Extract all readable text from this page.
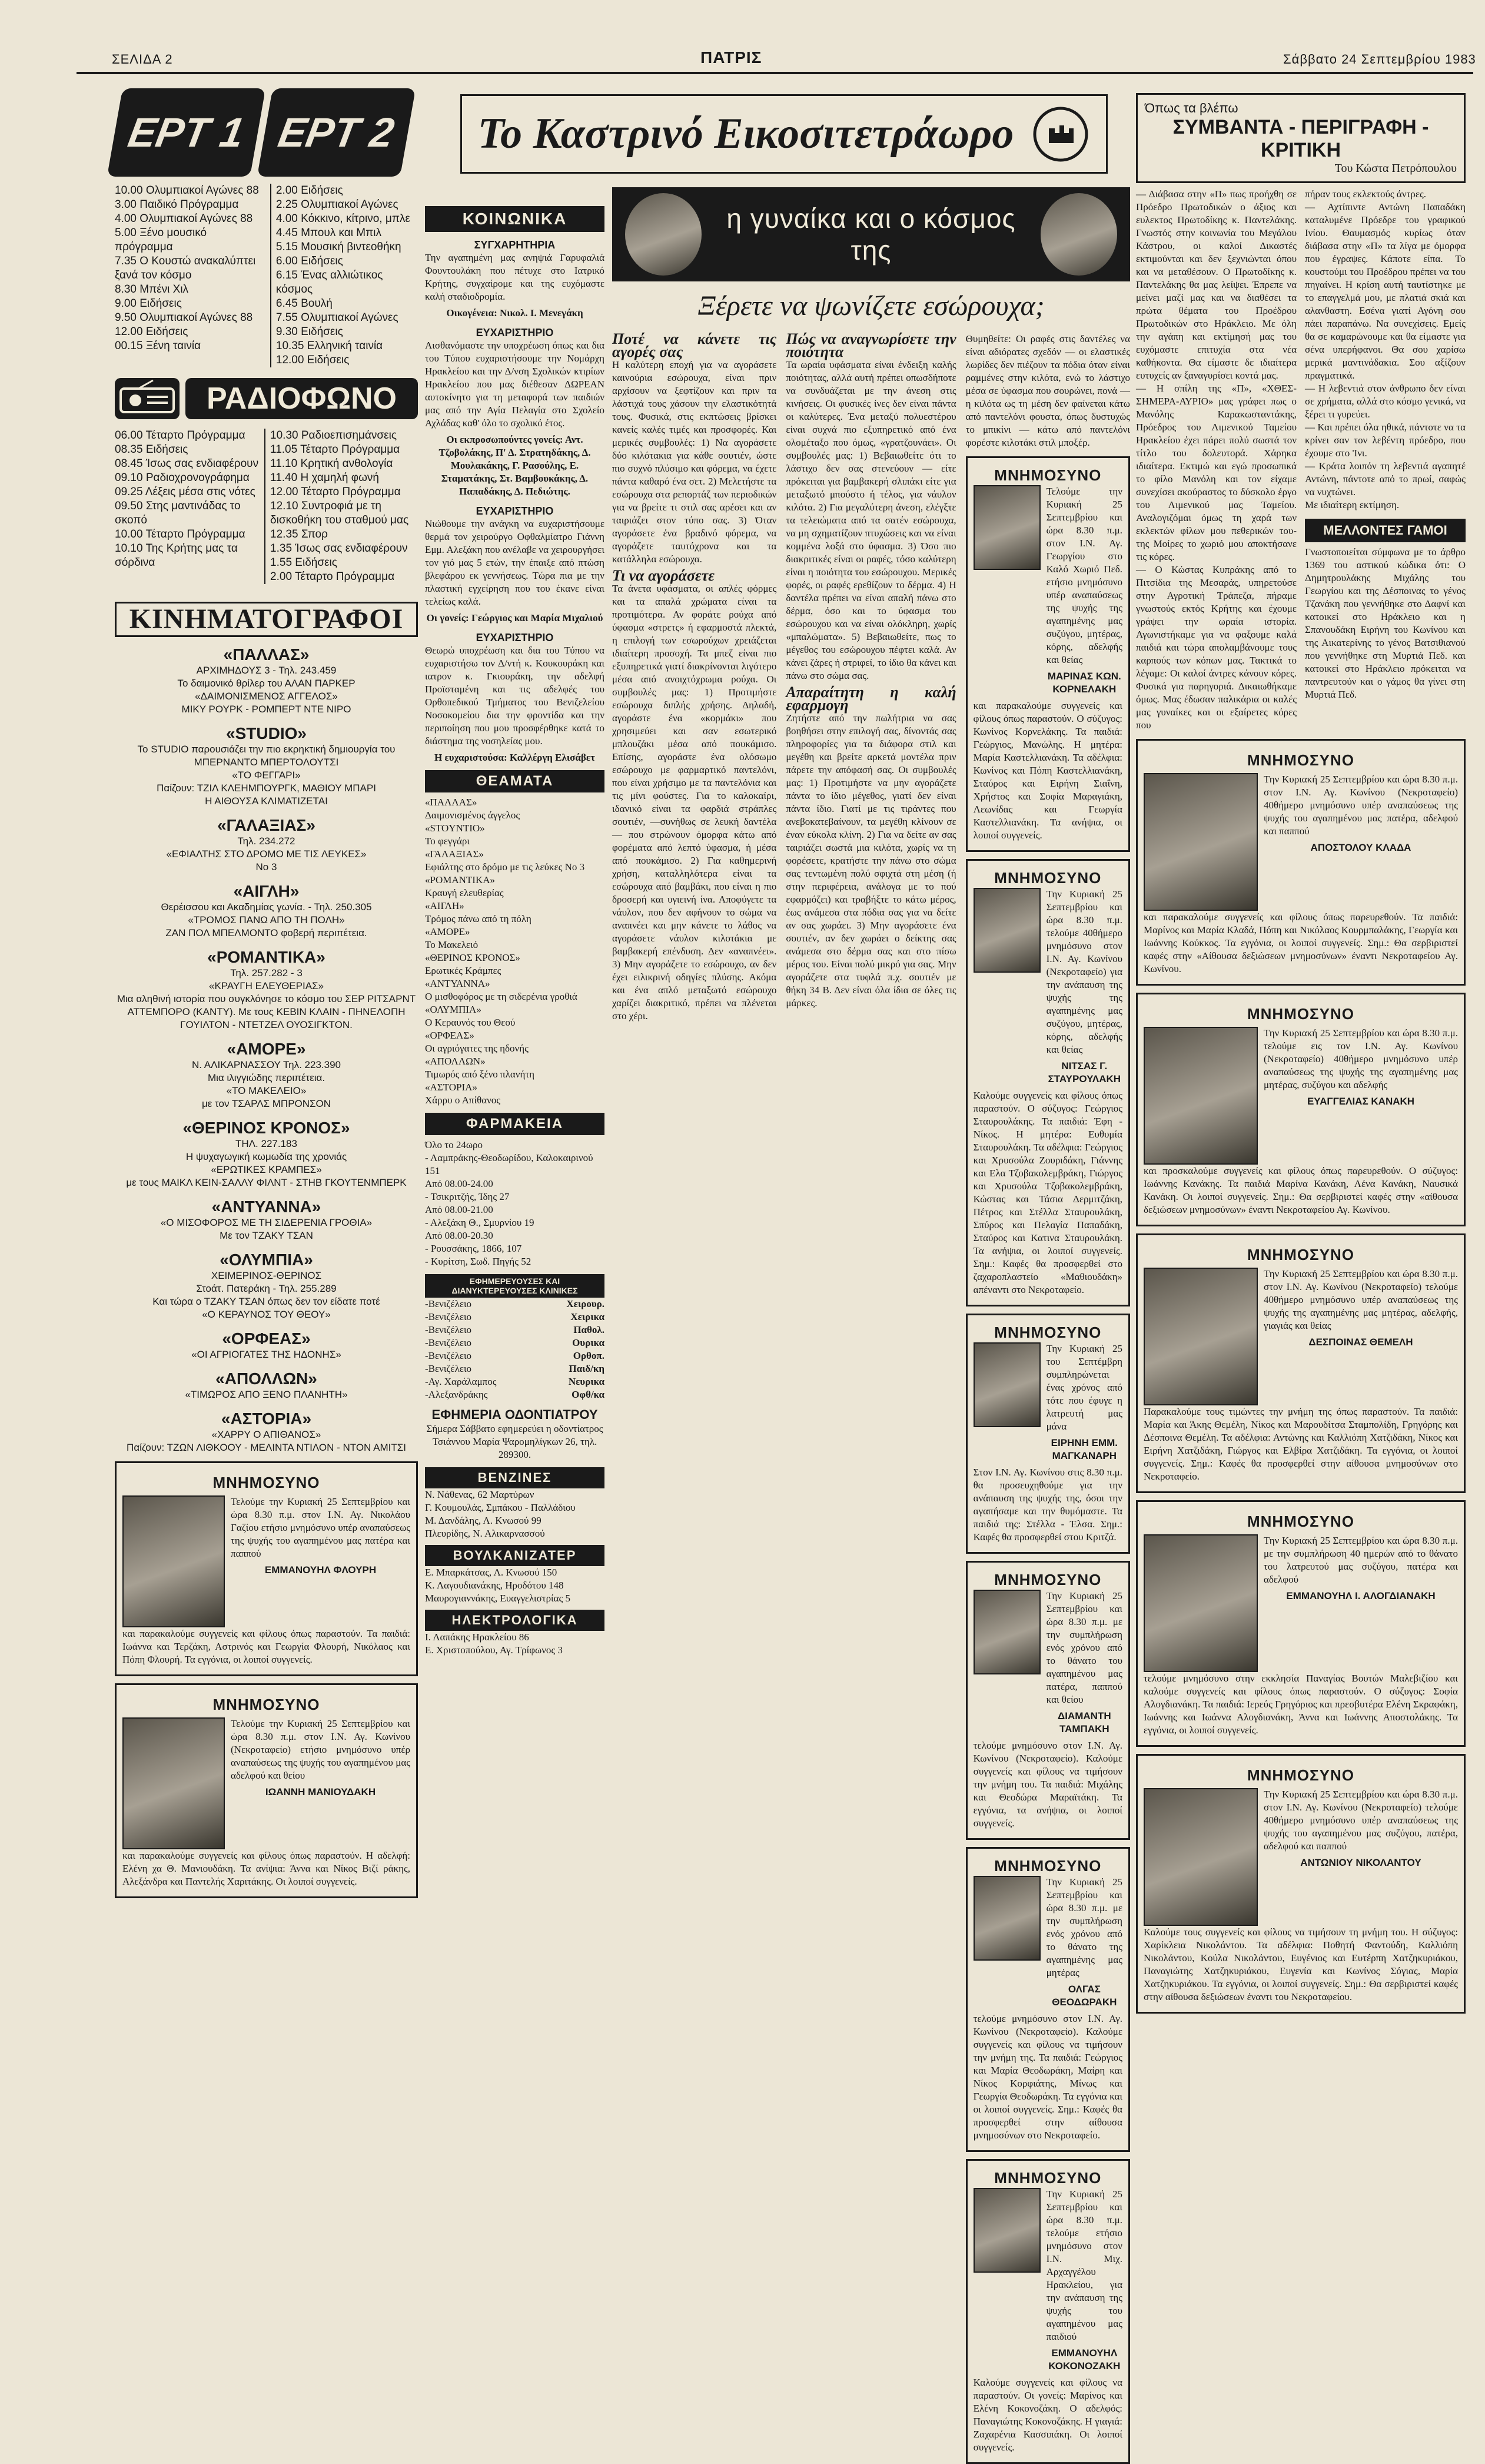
ΣΕΛΙΔΑ 2	ΠΑΤΡΙΣ	Σάββατο 24 Σεπτεμβρίου 1983
ΕΡΤ 1 ΕΡΤ 2
10.00 Ολυμπιακοί Αγώνες 88
3.00 Παιδικό Πρόγραμμα
4.00 Ολυμπιακοί Αγώνες 88
5.00 Ξένο μουσικό πρόγραμμα
7.35 Ο Κουστώ ανακαλύπτει ξανά τον κόσμο
8.30 Μπένι Χιλ
9.00 Ειδήσεις
9.50 Ολυμπιακοί Αγώνες 88
12.00 Ειδήσεις
00.15 Ξένη ταινία
2.00 Ειδήσεις
2.25 Ολυμπιακοί Αγώνες
4.00 Κόκκινο, κίτρινο, μπλε
4.45 Μπουλ και Μπιλ
5.15 Μουσική βιντεοθήκη
6.00 Ειδήσεις
6.15 Ένας αλλιώτικος κόσμος
6.45 Βουλή
7.55 Ολυμπιακοί Αγώνες
9.30 Ειδήσεις
10.35 Ελληνική ταινία
12.00 Ειδήσεις
ΡΑΔΙΟΦΩΝΟ
06.00 Τέταρτο Πρόγραμμα
08.35 Ειδήσεις
08.45 Ίσως σας ενδιαφέρουν
09.10 Ραδιοχρονογράφημα
09.25 Λέξεις μέσα στις νότες
09.50 Στης μαντινάδας το σκοπό
10.00 Τέταρτο Πρόγραμμα
10.10 Της Κρήτης μας τα σόρδινα
10.30 Ραδιοεπισημάνσεις
11.05 Τέταρτο Πρόγραμμα
11.10 Κρητική ανθολογία
11.40 Η χαμηλή φωνή
12.00 Τέταρτο Πρόγραμμα
12.10 Συντροφιά με τη δισκοθήκη του σταθμού μας
12.35 Σπορ
1.35 Ίσως σας ενδιαφέρουν
1.55 Ειδήσεις
2.00 Τέταρτο Πρόγραμμα
ΚΙΝΗΜΑΤΟΓΡΑΦΟΙ
«ΠΑΛΛΑΣ»
ΑΡΧΙΜΗΔΟΥΣ 3 - Τηλ. 243.459
Το δαιμονικό θρίλερ του ΑΛΑΝ ΠΑΡΚΕΡ
«ΔΑΙΜΟΝΙΣΜΕΝΟΣ ΑΓΓΕΛΟΣ»
ΜΙΚΥ ΡΟΥΡΚ - ΡΟΜΠΕΡΤ ΝΤΕ ΝΙΡΟ
«STUDIO»
Το STUDIO παρουσιάζει την πιο εκρηκτική δημιουργία του ΜΠΕΡΝΑΝΤΟ ΜΠΕΡΤΟΛΟΥΤΣΙ
«ΤΟ ΦΕΓΓΑΡΙ»
Παίζουν: ΤΖΙΛ ΚΛΕΗΜΠΟΥΡΓΚ, ΜΑΘΙΟΥ ΜΠΑΡΙ
Η ΑΙΘΟΥΣΑ ΚΛΙΜΑΤΙΖΕΤΑΙ
«ΓΑΛΑΞΙΑΣ»
Τηλ. 234.272
«ΕΦΙΑΛΤΗΣ ΣΤΟ ΔΡΟΜΟ ΜΕ ΤΙΣ ΛΕΥΚΕΣ»
Νο 3
«ΑΙΓΛΗ»
Θερέισσου και Ακαδημίας γωνία. - Τηλ. 250.305
«ΤΡΟΜΟΣ ΠΑΝΩ ΑΠΟ ΤΗ ΠΟΛΗ»
ΖΑΝ ΠΟΛ ΜΠΕΛΜΟΝΤΟ φοβερή περιπέτεια.
«ΡΟΜΑΝΤΙΚΑ»
Τηλ. 257.282 - 3
«ΚΡΑΥΓΗ ΕΛΕΥΘΕΡΙΑΣ»
Μια αληθινή ιστορία που συγκλόνησε το κόσμο του ΣΕΡ ΡΙΤΣΑΡΝΤ ΑΤΤΕΜΠΟΡΟ (ΚΑΝΤΥ). Με τους ΚΕΒΙΝ ΚΛΑΙΝ - ΠΗΝΕΛΟΠΗ ΓΟΥΙΛΤΟΝ - ΝΤΕΤΖΕΛ ΟΥΟΣΙΓΚΤΟΝ.
«ΑΜΟΡΕ»
Ν. ΑΛΙΚΑΡΝΑΣΣΟΥ Τηλ. 223.390
Μια ιλιγγιώδης περιπέτεια.
«ΤΟ ΜΑΚΕΛΕΙΟ»
με τον ΤΣΑΡΛΣ ΜΠΡΟΝΣΟΝ
«ΘΕΡΙΝΟΣ ΚΡΟΝΟΣ»
ΤΗΛ. 227.183
Η ψυχαγωγική κωμωδία της χρονιάς
«ΕΡΩΤΙΚΕΣ ΚΡΑΜΠΕΣ»
με τους ΜΑΙΚΛ ΚΕΙΝ-ΣΑΛΛΥ ΦΙΛΝΤ - ΣΤΗΒ ΓΚΟΥΤΕΝΜΠΕΡΚ
«ΑΝΤΥΑΝΝΑ»
«Ο ΜΙΣΟΦΟΡΟΣ ΜΕ ΤΗ ΣΙΔΕΡΕΝΙΑ ΓΡΟΘΙΑ»
Με τον ΤΖΑΚΥ ΤΣΑΝ
«ΟΛΥΜΠΙΑ»
ΧΕΙΜΕΡΙΝΟΣ-ΘΕΡΙΝΟΣ
Στοάτ. Πατεράκη - Τηλ. 255.289
Και τώρα ο ΤΖΑΚΥ ΤΣΑΝ όπως δεν τον είδατε ποτέ
«Ο ΚΕΡΑΥΝΟΣ ΤΟΥ ΘΕΟΥ»
«ΟΡΦΕΑΣ»
«ΟΙ ΑΓΡΙΟΓΑΤΕΣ ΤΗΣ ΗΔΟΝΗΣ»
«ΑΠΟΛΛΩΝ»
«ΤΙΜΩΡΟΣ ΑΠΟ ΞΕΝΟ ΠΛΑΝΗΤΗ»
«ΑΣΤΟΡΙΑ»
«ΧΑΡΡΥ Ο ΑΠΙΘΑΝΟΣ»
Παίζουν: ΤΖΩΝ ΛΙΘΚΟΟΥ - ΜΕΛΙΝΤΑ ΝΤΙΛΟΝ - ΝΤΟΝ ΑΜΙΤΣΙ
ΜΝΗΜΟΣΥΝΟ

Τελούμε την Κυριακή 25 Σεπτεμβρίου και ώρα 8.30 π.μ. στον Ι.Ν. Αγ. Νικολάου Γαζίου ετήσιο μνημόσυνο υπέρ αναπαύσεως της ψυχής του αγαπημένου μας πατέρα και παππού

ΕΜΜΑΝΟΥΗΛ ΦΛΟΥΡΗ

και παρακαλούμε συγγενείς και φίλους όπως παραστούν. Τα παιδιά: Ιωάννα και Τερζάκη, Αστρινός και Γεωργία Φλουρή, Νικόλαος και Πόπη Φλουρή. Τα εγγόνια, οι λοιποί συγγενείς.

ΜΝΗΜΟΣΥΝΟ

Τελούμε την Κυριακή 25 Σεπτεμβρίου και ώρα 8.30 π.μ. στον Ι.Ν. Αγ. Κωνίνου (Νεκροταφείο) ετήσιο μνημόσυνο υπέρ αναπαύσεως της ψυχής του αγαπημένου μας αδελφού και θείου

ΙΩΑΝΝΗ ΜΑΝΙΟΥΔΑΚΗ

και παρακαλούμε συγγενείς και φίλους όπως παραστούν. Η αδελφή: Ελένη χα Θ. Μανιουδάκη. Τα ανίψια: Άννα και Νίκος Βιζί ράκης, Αλεξάνδρα και Παντελής Χαριτάκης. Οι λοιποί συγγενείς.

ΚΟΙΝΩΝΙΚΑ
ΣΥΓΧΑΡΗΤΗΡΙΑ

Την αγαπημένη μας ανηψιά Γαρυφαλιά Φουντουλάκη που πέτυχε στο Ιατρικό Κρήτης, συγχαίρομε και της ευχόμαστε καλή σταδιοδρομία.

Οικογένεια: Νικολ. Ι. Μενεγάκη

ΕΥΧΑΡΙΣΤΗΡΙΟ

Αισθανόμαστε την υποχρέωση όπως και δια του Τύπου ευχαριστήσουμε την Νομάρχη Ηρακλείου και την Δ/νση Σχολικών κτιρίων Ηρακλείου που μας διέθεσαν ΔΩΡΕΑΝ αυτοκίνητο για τη μεταφορά των παιδιών μας από την Αγία Πελαγία στο Σχολείο Αχλάδας καθ' όλο το σχολικό έτος.

Οι εκπροσωπούντες γονείς: Αντ. Τζοβολάκης, Π' Δ. Στρατηδάκης, Δ. Μουλακάκης, Γ. Ρασούλης, Ε. Σταματάκης, Στ. Βαμβουκάκης, Δ. Παπαδάκης, Δ. Πεδιώτης.

ΕΥΧΑΡΙΣΤΗΡΙΟ

Νιώθουμε την ανάγκη να ευχαριστήσουμε θερμά τον χειρούργο Οφθαλμίατρο Γιάννη Εμμ. Αλεξάκη που ανέλαβε να χειρουργήσει τον γιό μας 5 ετών, την έπαιξε από πτώση βλεφάρου εκ γεννήσεως. Τώρα πια με την πλαστική εγχείρηση που του έκανε είναι τελείως καλά.

Οι γονείς: Γεώργιος και Μαρία Μιχαλιού

ΕΥΧΑΡΙΣΤΗΡΙΟ

Θεωρώ υποχρέωση και δια του Τύπου να ευχαριστήσω τον Δ/ντή κ. Κουκουράκη και ιατρον κ. Γκιουράκη, την αδελφή Προϊσταμένη και τις αδελφές του Ορθοπεδικού Τμήματος του Βενιζελείου Νοσοκομείου δια την φροντίδα και την περιποίηση που μου προσφέρθηκε κατά το διάστημα της νοσηλείας μου.

Η ευχαριστούσα: Καλλέργη Ελισάβετ

ΘΕΑΜΑΤΑ
«ΠΑΛΛΑΣ»
Δαιμονισμένος άγγελος
«STOYNTIO»
Το φεγγάρι
«ΓΑΛΑΞΙΑΣ»
Εφιάλτης στο δρόμο με τις λεύκες Νο 3
«ΡΟΜΑΝΤΙΚΑ»
Κραυγή ελευθερίας
«ΑΙΓΛΗ»
Τρόμος πάνω από τη πόλη
«ΑΜΟΡΕ»
Το Μακελειό
«ΘΕΡΙΝΟΣ ΚΡΟΝΟΣ»
Ερωτικές Κράμπες
«ΑΝΤΥΑΝΝΑ»
Ο μισθοφόρος με τη σιδερένια γροθιά
«ΟΛΥΜΠΙΑ»
Ο Κεραυνός του Θεού
«ΟΡΦΕΑΣ»
Οι αγριόγατες της ηδονής
«ΑΠΟΛΛΩΝ»
Τιμωρός από ξένο πλανήτη
«ΑΣΤΟΡΙΑ»
Χάρρυ ο Απίθανος
ΦΑΡΜΑΚΕΙΑ
Όλο το 24ωρο
- Λαμπράκης-Θεοδωρίδου, Καλοκαιρινού 151
Από 08.00-24.00
- Τσικριτζής, Ίδης 27
Από 08.00-21.00
- Αλεξάκη Θ., Σμυρνίου 19
Από 08.00-20.30
- Ρουσσάκης, 1866, 107
- Κυρίτση, Σωδ. Πηγής 52
ΕΦΗΜΕΡΕΥΟΥΣΕΣ ΚΑΙ ΔΙΑΝΥΚΤΕΡΕΥΟΥΣΕΣ ΚΛΙΝΙΚΕΣ
-Βενιζέλειο	Χειρουρ.
-Βενιζέλειο	Χειρικα
-Βενιζέλειο	Παθολ.
-Βενιζέλειο	Ουρικα
-Βενιζέλειο	Ορθοπ.
-Βενιζέλειο	Παιδ/κη
-Αγ. Χαράλαμπος	Νευρικα
-Αλεξανδράκης	Οφθ/κα
ΕΦΗΜΕΡΙΑ ΟΔΟΝΤΙΑΤΡΟΥ
Σήμερα Σάββατο εφημερεύει η οδοντίατρος Τσιάννου Μαρία Ψαρομηλίγκων 26, τηλ. 289300.
ΒΕΝΖΙΝΕΣ
Ν. Νάθενας, 62 Μαρτύρων
Γ. Κουμουλάς, Σμπάκου - Παλλάδιου
Μ. Δανδάλης, Λ. Κνωσού 99
Πλευρίδης, Ν. Αλικαρνασσού
ΒΟΥΛΚΑΝΙΖΑΤΕΡ
Ε. Μπαρκάτσας, Λ. Κνωσού 150
Κ. Λαγουδιανάκης, Ηροδότου 148
Μαυρογιαννάκης, Ευαγγελιστρίας 5
ΗΛΕΚΤΡΟΛΟΓΙΚΑ
Ι. Λαπάκης Ηρακλείου 86
Ε. Χριστοπούλου, Αγ. Τρίφωνος 3
Το Καστρινό Εικοσιτετράωρο
η γυναίκα και ο κόσμος της
Ξέρετε να ψωνίζετε εσώρουχα;
Ποτέ να κάνετε τις αγορές σας

Η καλύτερη εποχή για να αγοράσετε καινούρια εσώρουχα, είναι πριν αρχίσουν να ξεφτίζουν και πριν τα λάστιχά τους χάσουν την ελαστικότητά τους. Φυσικά, στις εκπτώσεις βρίσκει κανείς καλές τιμές και προσφορές. Και μερικές συμβουλές: 1) Να αγοράσετε δύο κιλότακια για κάθε σουτιέν, ώστε πιο συχνό πλύσιμο και φόρεμα, να έχετε πάντα καθαρό ένα σετ. 2) Μελετήστε τα εσώρουχα στα ρεπορτάζ των περιοδικών για να βρείτε τι στιλ σας αρέσει και αν ταιριάζει στον τύπο σας. 3) Όταν αγοράσετε ένα βραδινό φόρεμα, να αγοράζετε ταυτόχρονα και τα κατάλληλα εσώρουχα.

Τι να αγοράσετε

Τα άνετα υφάσματα, οι απλές φόρμες και τα απαλά χρώματα είναι τα προτιμότερα. Αν φοράτε ρούχα από ύφασμα «στρετς» ή εφαρμοστά πλεκτά, η επιλογή των εσωρούχων χρειάζεται ιδιαίτερη προσοχή. Τα μπεζ είναι πιο εξυπηρετικά γιατί διακρίνονται λιγότερο μέσα από ανοιχτόχρωμα ρούχα. Οι συμβουλές μας: 1) Προτιμήστε εσώρουχα διπλής χρήσης. Δηλαδή, αγοράστε ένα «κορμάκι» που χρησιμεύει και σαν εσωτερικό μπλουζάκι μέσα από πουκάμισο. Επίσης, αγοράστε ένα ολόσωμο εσώρουχο με φαρμαρτικό παντελόνι, που είναι χρήσιμο με τα παντελόνια και τις μίνι φούστες. Για το καλοκαίρι, ιδανικό είναι τα φαρδιά στράπλες σουτιέν, —συνήθως σε λευκή δαντέλα— που στρώνουν όμορφα κάτω από φορέματα από λεπτό ύφασμα, ή μέσα από πουκάμισο. 2) Για καθημερινή χρήση, καταλληλότερα είναι τα εσώρουχα από βαμβάκι, που είναι η πιο δροσερή και υγιεινή ίνα. Αποφύγετε τα νάυλον, που δεν αφήνουν το σώμα να αναπνέει και μην κάνετε το λάθος να αγοράσετε νάυλον κιλοτάκια με βαμβακερή επένδυση. Δεν «αναπνέει». 3) Μην αγοράζετε το εσώρουχο, αν δεν έχει ειλικρινή οδηγίες πλύσης. Ακόμα και ένα απλό μεταξωτό εσώρουχο χαρίζει διακριτικό, πρέπει να πλένεται στο χέρι.

Πώς να αναγνωρίσετε την ποιότητα

Τα ωραία υφάσματα είναι ένδειξη καλής ποιότητας, αλλά αυτή πρέπει οπωσδήποτε να συνδυάζεται με την άνεση στις κινήσεις. Οι φυσικές ίνες δεν είναι πάντα οι καλύτερες. Ένα μεταξύ πολυεστέρου είναι συχνά πιο εξυπηρετικό από ένα ολομέταξο που όμως, «γρατζουνάει». Οι συμβουλές μας: 1) Βεβαιωθείτε ότι το λάστιχο δεν σας στενεύουν — είτε πρόκειται για βαμβακερή σλιπάκι είτε για μεταξωτό μπούστο ή τέλος, για νάυλον κιλότα. 2) Για μεγαλύτερη άνεση, ελέγξτε τα τελειώματα από τα σατέν εσώρουχα, να μη σχηματίζουν πτυχώσεις και να είναι κομμένα λοξά στο ύφασμα. 3) Όσο πιο διακριτικές είναι οι ραφές, τόσο καλύτερη είναι η ποιότητα του εσώρουχου. Μερικές φορές, οι ραφές ερεθίζουν το δέρμα. 4) Η δαντέλα πρέπει να είναι απαλή πάνω στο δέρμα, όσο και το ύφασμα του εσώρουχου και να είναι ολόκληρη, χωρίς «μπαλώματα». 5) Βεβαιωθείτε, πως το μέγεθος του εσώρουχου πέφτει καλά. Αν κάνει ζάρες ή στριφεί, το ίδιο θα κάνει και πάνω στο σώμα σας.

Απαραίτητη η καλή εφαρμογή

Ζητήστε από την πωλήτρια να σας βοηθήσει στην επιλογή σας, δίνοντάς σας πληροφορίες για τα διάφορα στιλ και μεγέθη και βρείτε αρκετά μοντέλα πριν πάρετε την απόφασή σας. Οι συμβουλές μας: 1) Προτιμήστε να μην αγοράζετε πάντα το ίδιο μέγεθος, γιατί δεν είναι πάντα ίδιο. Γιατί με τις τιράντες που ανεβοκατεβαίνουν, τα μεγέθη κλίνουν σε έναν εύκολα κλίνη. 2) Για να δείτε αν σας ταιριάζει σωστά μια κιλότα, χωρίς να τη φορέσετε, κρατήστε την πάνω στο σώμα σας τεντωμένη πολύ σφιχτά στη μέση (ή στην περιφέρεια, ανάλογα με το πού εφαρμόζει) και τραβήξτε το κάτω μέρος, έως ανάμεσα στα πόδια σας για να δείτε αν σας χωράει. 3) Μην αγοράσετε ένα σουτιέν, αν δεν χωράει ο δείκτης σας ανάμεσα στο δέρμα σας και στο πίσω μέρος του. Είναι πολύ μικρό για σας. Μην αγοράζετε στα τυφλά π.χ. σουτιέν με θήκη 34 Β. Δεν είναι όλα ίδια σε όλες τις μάρκες.

Θυμηθείτε: Οι ραφές στις δαντέλες να είναι αδιόρατες σχεδόν — οι ελαστικές λωρίδες δεν πιέζουν τα πόδια όταν είναι ραμμένες στην κιλότα, ενώ το λάστιχο μέσα σε ύφασμα που σουρώνει, πονά — η κιλότα ως τη μέση δεν φαίνεται κάτω από παντελόνι φουστα, όπως δυστυχώς το μπικίνι — κάτω από παντελόνι φορέστε κιλοτάκι στιλ μποξέρ.

ΜΝΗΜΟΣΥΝΟ

Τελούμε την Κυριακή 25 Σεπτεμβρίου και ώρα 8.30 π.μ. στον Ι.Ν. Αγ. Γεωργίου στο Καλό Χωριό Πεδ. ετήσιο μνημόσυνο υπέρ αναπαύσεως της ψυχής της αγαπημένης μας συζύγου, μητέρας, κόρης, αδελφής και θείας

ΜΑΡΙΝΑΣ ΚΩΝ. ΚΟΡΝΕΛΑΚΗ

και παρακαλούμε συγγενείς και φίλους όπως παραστούν. Ο σύζυγος: Κωνίνος Κορνελάκης. Τα παιδιά: Γεώργιος, Μανώλης. Η μητέρα: Μαρία Καστελλιανάκη. Τα αδέλφια: Κωνίνος και Πόπη Καστελλιανάκη, Σταύρος και Ειρήνη Σιαΐνη, Χρήστος και Σοφία Μαραγιάκη, Λεωνίδας και Γεωργία Καστελλιανάκη. Τα ανήψια, οι λοιποί συγγενείς.

ΜΝΗΜΟΣΥΝΟ

Την Κυριακή 25 Σεπτεμβρίου και ώρα 8.30 π.μ. τελούμε 40θήμερο μνημόσυνο στον Ι.Ν. Αγ. Κωνίνου (Νεκροταφείο) για την ανάπαυση της ψυχής της αγαπημένης μας συζύγου, μητέρας, κόρης, αδελφής και θείας

ΝΙΤΣΑΣ Γ. ΣΤΑΥΡΟΥΛΑΚΗ

Καλούμε συγγενείς και φίλους όπως παραστούν. Ο σύζυγος: Γεώργιος Σταυρουλάκης. Τα παιδιά: Έφη - Νίκος. Η μητέρα: Ευθυμία Σταυρουλάκη. Τα αδέλφια: Γεώργιος και Χρυσούλα Ζουριδάκη, Γιάννης και Ελα Τζοβακολεμβράκη, Γιώργος και Χρυσούλα Τζοβακολεμβράκη, Κώστας και Τάσια Δερμιτζάκη, Πέτρος και Στέλλα Σταυρουλάκη, Σπύρος και Πελαγία Παπαδάκη, Σταύρος και Κατινα Σταυρουλάκη. Τα ανήψια, οι λοιποί συγγενείς. Σημ.: Καφές θα προσφερθεί στο ζαχαροπλαστείο «Μαθιουδάκη» απέναντι στο Νεκροταφείο.

ΜΝΗΜΟΣΥΝΟ

Την Κυριακή 25 του Σεπτέμβρη συμπληρώνεται ένας χρόνος από τότε που έφυγε η λατρευτή μας μάνα

ΕΙΡΗΝΗ ΕΜΜ. ΜΑΓΚΑΝΑΡΗ

Στον Ι.Ν. Αγ. Κωνίνου στις 8.30 π.μ. θα προσευχηθούμε για την ανάπαυση της ψυχής της, όσοι την αγαπήσαμε και την θυμόμαστε. Τα παιδιά της: Στέλλα - Έλσα. Σημ.: Καφές θα προσφερθεί στου Κριτζά.

ΜΝΗΜΟΣΥΝΟ

Την Κυριακή 25 Σεπτεμβρίου και ώρα 8.30 π.μ. με την συμπλήρωση ενός χρόνου από το θάνατο του αγαπημένου μας πατέρα, παππού και θείου

ΔΙΑΜΑΝΤΗ ΤΑΜΠΑΚΗ

τελούμε μνημόσυνο στον Ι.Ν. Αγ. Κωνίνου (Νεκροταφείο). Καλούμε συγγενείς και φίλους να τιμήσουν την μνήμη του. Τα παιδιά: Μιχάλης και Θεοδώρα Μαραϊτάκη. Τα εγγόνια, τα ανήψια, οι λοιποί συγγενείς.

ΜΝΗΜΟΣΥΝΟ

Την Κυριακή 25 Σεπτεμβρίου και ώρα 8.30 π.μ. με την συμπλήρωση ενός χρόνου από το θάνατο της αγαπημένης μας μητέρας

ΟΛΓΑΣ ΘΕΟΔΩΡΑΚΗ

τελούμε μνημόσυνο στον Ι.Ν. Αγ. Κωνίνου (Νεκροταφείο). Καλούμε συγγενείς και φίλους να τιμήσουν την μνήμη της. Τα παιδιά: Γεώργιος και Μαρία Θεοδωράκη, Μαίρη και Νίκος Κορφιάτης, Μίνως και Γεωργία Θεοδωράκη. Τα εγγόνια και οι λοιποί συγγενείς. Σημ.: Καφές θα προσφερθεί στην αίθουσα μνημοσύνων στο Νεκροταφείο.

ΜΝΗΜΟΣΥΝΟ

Την Κυριακή 25 Σεπτεμβρίου και ώρα 8.30 π.μ. τελούμε ετήσιο μνημόσυνο στον Ι.Ν. Μιχ. Αρχαγγέλου Ηρακλείου, για την ανάπαυση της ψυχής του αγαπημένου μας παιδιού

ΕΜΜΑΝΟΥΗΛ ΚΟΚΟΝΟΖΑΚΗ

Καλούμε συγγενείς και φίλους να παραστούν. Οι γονείς: Μαρίνος και Ελένη Κοκονοζάκη. Ο αδελφός: Παναγιώτης Κοκονοζάκης. Η γιαγιά: Ζαχαρένια Κασσιπάκη. Οι λοιποί συγγενείς.

Όπως τα βλέπω
ΣΥΜΒΑΝΤΑ - ΠΕΡΙΓΡΑΦΗ - ΚΡΙΤΙΚΗ
Του Κώστα Πετρόπουλου
— Διάβασα στην «Π» πως προήχθη σε Πρόεδρο Πρωτοδικών ο άξιος και ευλεκτος Πρωτοδίκης κ. Παντελάκης. Γνωστός στην κοινωνία του Μεγάλου Κάστρου, οι καλοί Δικαστές εκτιμούνται και δεν ξεχνιώνται όπου και να μεταθέσουν. Ο Πρωτοδίκης κ. Παντελάκης θα μας λείψει. Έπρεπε να μείνει μαζί μας και να διαθέσει τα πρώτα θέματα του Προέδρου Πρωτοδικών στο Ηράκλειο. Με όλη την αγάπη και εκτίμησή μας του ευχόμαστε επιτυχία στα νέα καθήκοντα. Θα είμαστε δε ιδιαίτερα ευτυχείς αν ξαναγυρίσει κοντά μας.
— Η σπίλη της «Π», «ΧΘΕΣ-ΣΗΜΕΡΑ-ΑΥΡΙΟ» μας γράφει πως ο Μανόλης Καρακωσταντάκης, Πρόεδρος του Λιμενικού Ταμείου Ηρακλείου έχει πάρει πολύ σωστά τον τίτλο του δολευτορά. Χάρηκα ιδιαίτερα. Εκτιμώ και εγώ προσωπικά το φίλο Μανόλη και τον είχαμε συνεχίσει ακούραστος το δύσκολο έργο του Λιμενικού μας Ταμείου. Αναλογιζόμαι όμως τη χαρά των εκλεκτών φίλων μου πεθερικών του-της Μοίρες το χωριό μου αποκτήσανε τις κόρες.
— Ο Κώστας Κυπράκης από το Πιτσίδια της Μεσαράς, υπηρετούσε στην Αγροτική Τράπεζα, πήραμε γνωστούς εκτός Κρήτης και έχουμε γράψει την ωραία ιστορία. Αγωνιστήκαμε για να φαξουμε καλά παιδιά και τώρα απολαμβάνουμε τους καρπούς των κόπων μας. Τακτικά το λέγαμε: Οι καλοί άντρες κάνουν κόρες. Φυσικά για παρηγοριά. Δικαιωθήκαμε όμως. Μας έδωσαν παλικάρια οι καλές μας γυναίκες και οι εξαίρετες κόρες που
πήραν τους εκλεκτούς άντρες.
— Αχτίπιντε Αντώνη Παπαδάκη καταλυμένε Πρόεδρε του γραφικού Ινίου. Θαυμασμός κυρίως όταν διάβασα στην «Π» τα λίγα με όμορφα που έγραψες. Κάποτε είπα. Το κουστούμι του Προέδρου πρέπει να του πηγαίνει. Η κρίση αυτή ταυτίστηκε με το επαγγελμά μου, με πλατιά σκιά και αλανθαστη. Εσένα γιατί Αγόνη σου πάει παραπάνω. Να συνεχίσεις. Εμείς θα σε καμαρώνουμε και θα είμαστε για σένα υπερήφανοι. Θα σου χαρίσω μερικά μαντινάδακια. Σου αξίζουν πραγματικά.
— Η λεβεντιά στον άνθρωπο δεν είναι σε χρήματα, αλλά στο κόσμο γενικά, να ξέρει τι γυρεύει.
— Και πρέπει όλα ηθικά, πάντοτε να τα κρίνει σαν τον λεβέντη πρόεδρο, που έχουμε στο 'Ινι.
— Κράτα λοιπόν τη λεβεντιά αγαπητέ Αντώνη, πάντοτε από το πρωί, σαφώς να νυχτώνει.
Με ιδιαίτερη εκτίμηση.
ΜΕΛΛΟΝΤΕΣ ΓΑΜΟΙ
Γνωστοποιείται σύμφωνα με το άρθρο 1369 του αστικού κώδικα ότι: Ο Δημητρουλάκης Μιχάλης του Γεωργίου και της Δέσποινας το γένος Τζανάκη που γεννήθηκε στο Δαφνί και κατοικεί στο Ηράκλειο και η Σπανουδάκη Ειρήνη του Κωνίνου και της Αικατερίνης το γένος Βατσιθιανού που γεννήθηκε στη Μυρτιά Πεδ. και κατοικεί στο Ηράκλειο πρόκειται να παντρευτούν και ο γάμος θα γίνει στη Μυρτιά Πεδ.
ΜΝΗΜΟΣΥΝΟ

Την Κυριακή 25 Σεπτεμβρίου και ώρα 8.30 π.μ. στον Ι.Ν. Αγ. Κωνίνου (Νεκροταφείο) 40θήμερο μνημόσυνο υπέρ αναπαύσεως της ψυχής του αγαπημένου μας πατέρα, αδελφού και παππού

ΑΠΟΣΤΟΛΟΥ ΚΛΑΔΑ

και παρακαλούμε συγγενείς και φίλους όπως παρευρεθούν. Τα παιδιά: Μαρίνος και Μαρία Κλαδά, Πόπη και Νικόλαος Κουρμπαλάκης, Γεωργία και Ιωάννης Κούκκος. Τα εγγόνια, οι λοιποί συγγενείς. Σημ.: Θα σερβιριστεί καφές στην «Αίθουσα δεξιώσεων μνημοσύνων» έναντι Νεκροταφείου Αγ. Κωνίνου.

ΜΝΗΜΟΣΥΝΟ

Την Κυριακή 25 Σεπτεμβρίου και ώρα 8.30 π.μ. τελούμε εις τον Ι.Ν. Αγ. Κωνίνου (Νεκροταφείο) 40θήμερο μνημόσυνο υπέρ αναπαύσεως της ψυχής της αγαπημένης μας μητέρας, συζύγου και αδελφής

ΕΥΑΓΓΕΛΙΑΣ ΚΑΝΑΚΗ

και προσκαλούμε συγγενείς και φίλους όπως παρευρεθούν. Ο σύζυγος: Ιωάννης Κανάκης. Τα παιδιά Μαρίνα Κανάκη, Λένα Κανάκη, Ναυσικά Κανάκη. Οι λοιποί συγγενείς. Σημ.: Θα σερβιριστεί καφές στην «αίθουσα δεξιώσεων μνημοσύνων» έναντι Νεκροταφείου Αγ. Κωνίνου.

ΜΝΗΜΟΣΥΝΟ

Την Κυριακή 25 Σεπτεμβρίου και ώρα 8.30 π.μ. στον Ι.Ν. Αγ. Κωνίνου (Νεκροταφείο) τελούμε 40θήμερο μνημόσυνο υπέρ αναπαύσεως της ψυχής της αγαπημένης μας μητέρας, αδελφής, γιαγιάς και θείας

ΔΕΣΠΟΙΝΑΣ ΘΕΜΕΛΗ

Παρακαλούμε τους τιμώντες την μνήμη της όπως παραστούν. Τα παιδιά: Μαρία και Άκης Θεμέλη, Νίκος και Μαρουδίτσα Σταμπολίδη, Γρηγόρης και Δέσποινα Θεμέλη. Τα αδέλφια: Αντώνης και Καλλιόπη Χατζιδάκη, Νίκος και Ειρήνη Χατζιδάκη, Γιώργος και Ελβίρα Χατζιδάκη. Τα εγγόνια, οι λοιποί συγγενείς. Σημ.: Καφές θα προσφερθεί στην αίθουσα μνημοσύνων στο Νεκροταφείο.

ΜΝΗΜΟΣΥΝΟ

Την Κυριακή 25 Σεπτεμβρίου και ώρα 8.30 π.μ. με την συμπλήρωση 40 ημερών από το θάνατο του λατρευτού μας συζύγου, πατέρα και αδελφού

ΕΜΜΑΝΟΥΗΛ Ι. ΑΛΟΓΔΙΑΝΑΚΗ

τελούμε μνημόσυνο στην εκκλησία Παναγίας Βουτών Μαλεβιζίου και καλούμε συγγενείς και φίλους όπως παραστούν. Ο σύζυγος: Σοφία Αλογδιανάκη. Τα παιδιά: Ιερεύς Γρηγόριος και πρεσβυτέρα Ελένη Σκραφάκη, Ιωάννης και Ιωάννα Αλογδιανάκη, Άννα και Ιωάννης Αποστολάκης. Τα εγγόνια, οι λοιποί συγγενείς.

ΜΝΗΜΟΣΥΝΟ

Την Κυριακή 25 Σεπτεμβρίου και ώρα 8.30 π.μ. στον Ι.Ν. Αγ. Κωνίνου (Νεκροταφείο) τελούμε 40θήμερο μνημόσυνο υπέρ αναπαύσεως της ψυχής του αγαπημένου μας συζύγου, πατέρα, αδελφού και παππού

ΑΝΤΩΝΙΟΥ ΝΙΚΟΛΑΝΤΟΥ

Καλούμε τους συγγενείς και φίλους να τιμήσουν τη μνήμη του. Η σύζυγος: Χαρίκλεια Νικολάντου. Τα αδέλφια: Ποθητή Φαντούδη, Καλλιόπη Νικολάντου, Κούλα Νικολάντου, Ευγένιος και Ευτέρπη Χατζηκυριάκου, Παναγιώτης Χατζηκυριάκου, Ευγενία και Κωνίνος Σόγιας, Μαρία Χατζηκυριάκου. Τα εγγόνια, οι λοιποί συγγενείς. Σημ.: Θα σερβιριστεί καφές στην αίθουσα δεξιώσεων έναντι του Νεκροταφείου.
